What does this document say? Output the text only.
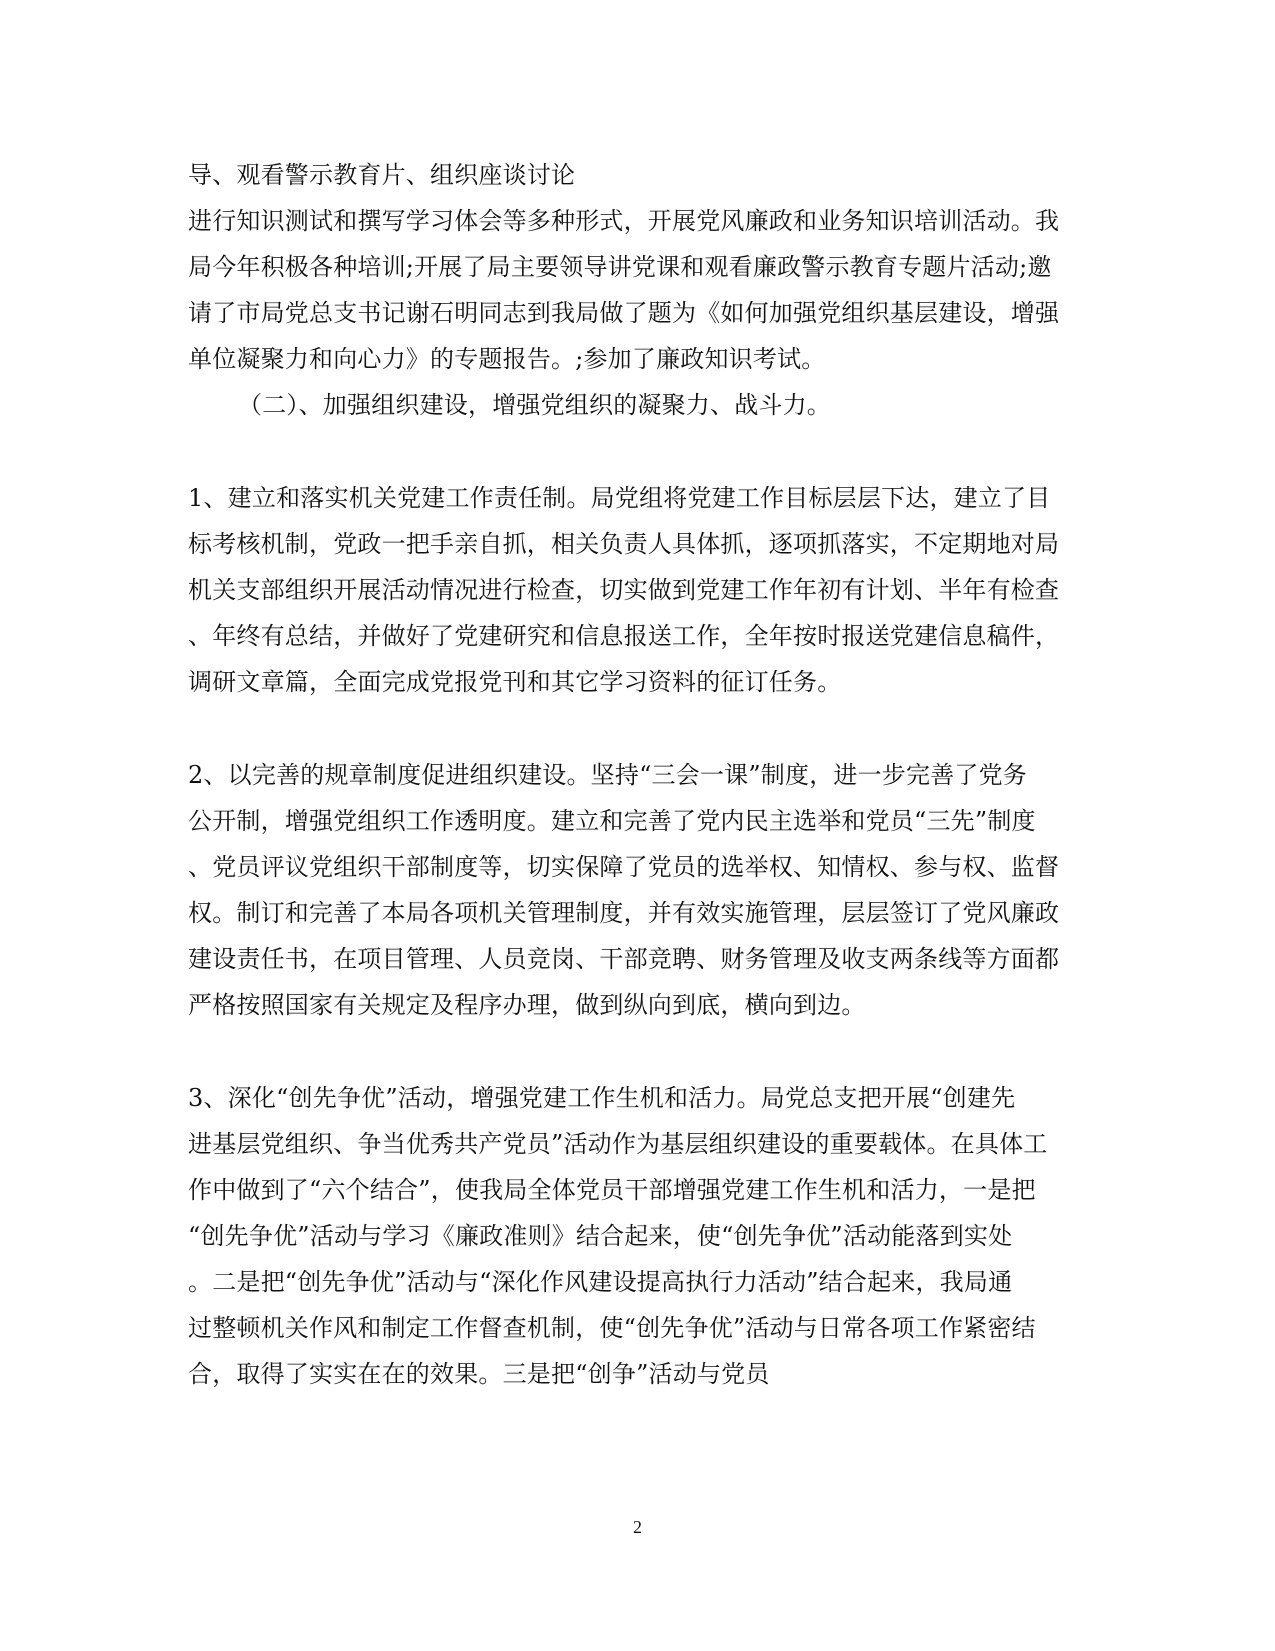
导、观看警示教育片、组织座谈讨论
进行知识测试和撰写学习体会等多种形式，开展党风廉政和业务知识培训活动。我
局今年积极各种培训;开展了局主要领导讲党课和观看廉政警示教育专题片活动;邀
请了市局党总支书记谢石明同志到我局做了题为《如何加强党组织基层建设，增强
单位凝聚力和向心力》的专题报告。;参加了廉政知识考试。
（二）、加强组织建设，增强党组织的凝聚力、战斗力。
1、建立和落实机关党建工作责任制。局党组将党建工作目标层层下达，建立了目
标考核机制，党政一把手亲自抓，相关负责人具体抓，逐项抓落实，不定期地对局
机关支部组织开展活动情况进行检查，切实做到党建工作年初有计划、半年有检查
、年终有总结，并做好了党建研究和信息报送工作，全年按时报送党建信息稿件，
调研文章篇，全面完成党报党刊和其它学习资料的征订任务。
2、以完善的规章制度促进组织建设。坚持“三会一课”制度，进一步完善了党务
公开制，增强党组织工作透明度。建立和完善了党内民主选举和党员“三先”制度
、党员评议党组织干部制度等，切实保障了党员的选举权、知情权、参与权、监督
权。制订和完善了本局各项机关管理制度，并有效实施管理，层层签订了党风廉政
建设责任书，在项目管理、人员竞岗、干部竞聘、财务管理及收支两条线等方面都
严格按照国家有关规定及程序办理，做到纵向到底，横向到边。
3、深化“创先争优”活动，增强党建工作生机和活力。局党总支把开展“创建先
进基层党组织、争当优秀共产党员”活动作为基层组织建设的重要载体。在具体工
作中做到了“六个结合”，使我局全体党员干部增强党建工作生机和活力，一是把
“创先争优”活动与学习《廉政准则》结合起来，使“创先争优”活动能落到实处
。二是把“创先争优”活动与“深化作风建设提高执行力活动”结合起来，我局通
过整顿机关作风和制定工作督查机制，使“创先争优”活动与日常各项工作紧密结
合，取得了实实在在的效果。三是把“创争”活动与党员
2
